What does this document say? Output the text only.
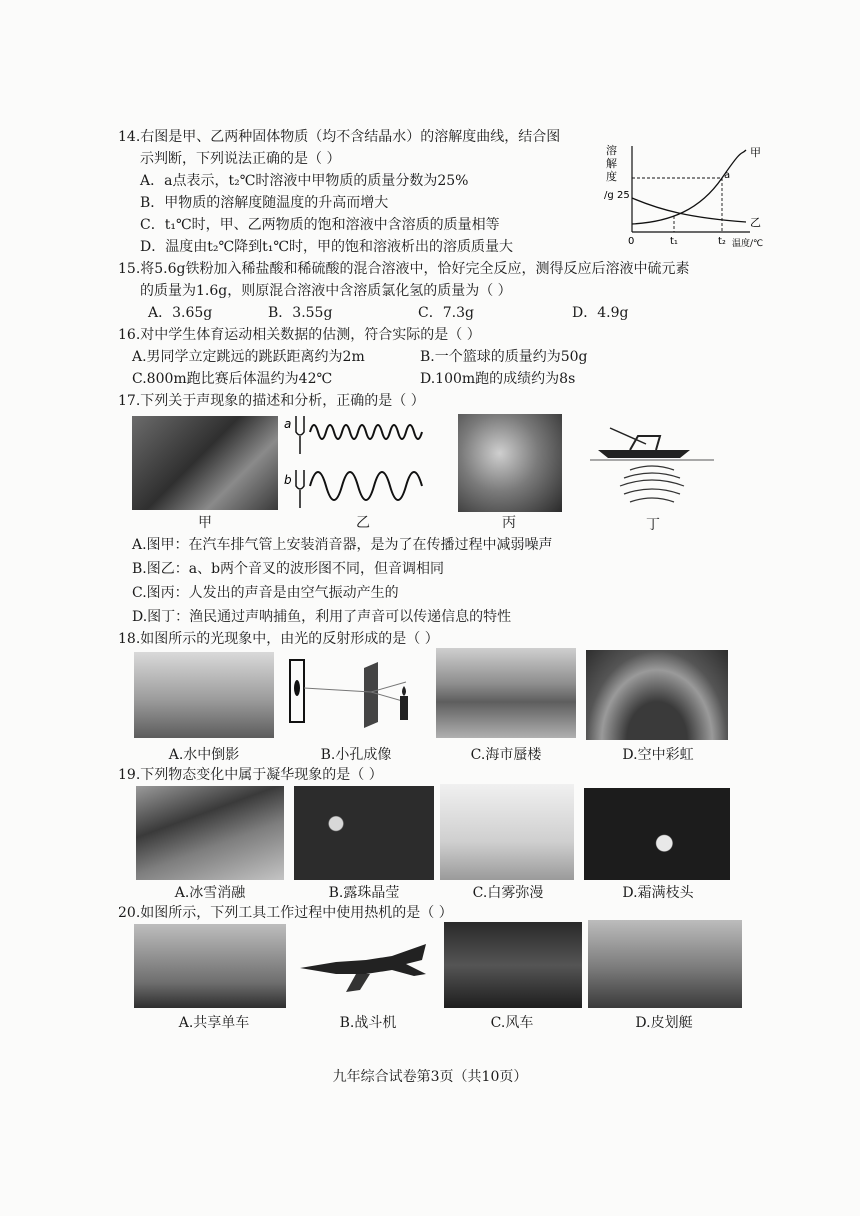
14.右图是甲、乙两种固体物质（均不含结晶水）的溶解度曲线，结合图
示判断，下列说法正确的是（ ）
A．a点表示，t₂℃时溶液中甲物质的质量分数为25%
B．甲物质的溶解度随温度的升高而增大
C．t₁℃时，甲、乙两物质的饱和溶液中含溶质的质量相等
D．温度由t₂℃降到t₁℃时，甲的饱和溶液析出的溶质质量大
溶
解
度
/g 25
a
甲
乙
0	t₁	t₂ 温度/℃
15.将5.6g铁粉加入稀盐酸和稀硫酸的混合溶液中，恰好完全反应，测得反应后溶液中硫元素
的质量为1.6g，则原混合溶液中含溶质氯化氢的质量为（ ）
A．3.65g	B．3.55g	C．7.3g	D．4.9g
16.对中学生体育运动相关数据的估测，符合实际的是（ ）
A.男同学立定跳远的跳跃距离约为2m	B.一个篮球的质量约为50g
C.800m跑比赛后体温约为42℃	D.100m跑的成绩约为8s
17.下列关于声现象的描述和分析，正确的是（ ）
a
b
甲	乙	丙	丁
A.图甲：在汽车排气管上安装消音器，是为了在传播过程中减弱噪声
B.图乙：a、b两个音叉的波形图不同，但音调相同
C.图丙：人发出的声音是由空气振动产生的
D.图丁：渔民通过声呐捕鱼，利用了声音可以传递信息的特性
18.如图所示的光现象中，由光的反射形成的是（ ）
A.水中倒影	B.小孔成像	C.海市蜃楼	D.空中彩虹
19.下列物态变化中属于凝华现象的是（ ）
A.冰雪消融	B.露珠晶莹	C.白雾弥漫	D.霜满枝头
20.如图所示，下列工具工作过程中使用热机的是（ ）
A.共享单车	B.战斗机	C.风车	D.皮划艇
九年综合试卷第3页（共10页）
